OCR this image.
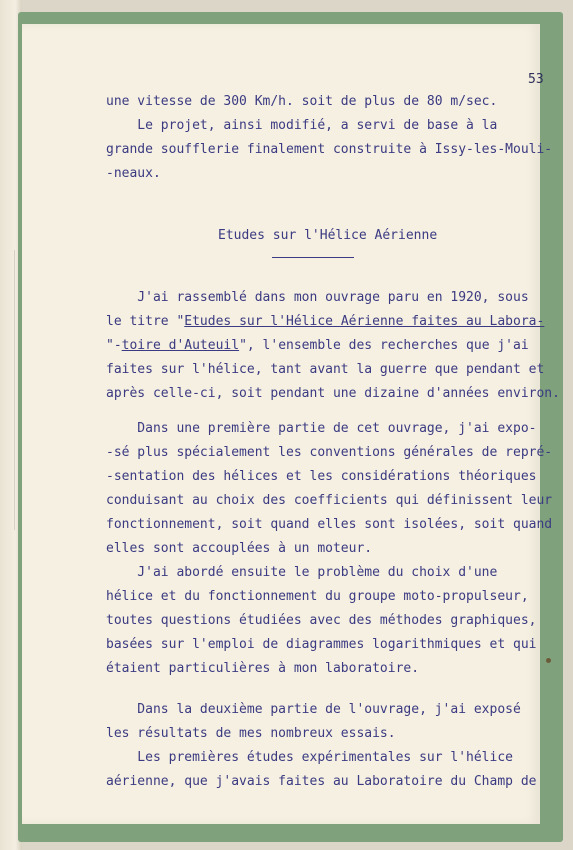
53

une vitesse de 300 Km/h. soit de plus de 80 m/sec.

Le projet, ainsi modifié, a servi de base à la

grande soufflerie finalement construite à Issy-les-Mouli-

-neaux.

Etudes sur l'Hélice Aérienne

J'ai rassemblé dans mon ouvrage paru en 1920, sous

le titre "Etudes sur l'Hélice Aérienne faites au Labora-

"-toire d'Auteuil", l'ensemble des recherches que j'ai

faites sur l'hélice, tant avant la guerre que pendant et

après celle-ci, soit pendant une dizaine d'années environ.

Dans une première partie de cet ouvrage, j'ai expo-

-sé plus spécialement les conventions générales de repré-

-sentation des hélices et les considérations théoriques

conduisant au choix des coefficients qui définissent leur

fonctionnement, soit quand elles sont isolées, soit quand

elles sont accouplées à un moteur.

J'ai abordé ensuite le problème du choix d'une

hélice et du fonctionnement du groupe moto-propulseur,

toutes questions étudiées avec des méthodes graphiques,

basées sur l'emploi de diagrammes logarithmiques et qui

étaient particulières à mon laboratoire.

Dans la deuxième partie de l'ouvrage, j'ai exposé

les résultats de mes nombreux essais.

Les premières études expérimentales sur l'hélice

aérienne, que j'avais faites au Laboratoire du Champ de
